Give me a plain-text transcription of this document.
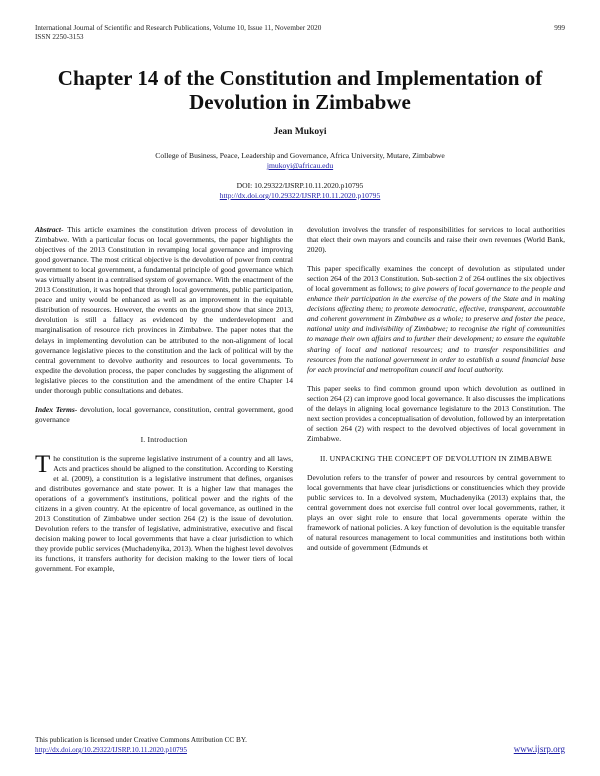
International Journal of Scientific and Research Publications, Volume 10, Issue 11, November 2020
ISSN 2250-3153
999
Chapter 14 of the Constitution and Implementation of Devolution in Zimbabwe
Jean Mukoyi
College of Business, Peace, Leadership and Governance, Africa University, Mutare, Zimbabwe
jmukoyi@africau.edu
DOI: 10.29322/IJSRP.10.11.2020.p10795
http://dx.doi.org/10.29322/IJSRP.10.11.2020.p10795

Abstract- This article examines the constitution driven process of devolution in Zimbabwe. With a particular focus on local governments, the paper highlights the objectives of the 2013 Constitution in revamping local governance and improving good governance. The most critical objective is the devolution of power from central government to local government, a fundamental principle of good governance which was virtually absent in a centralised system of governance. With the enactment of the 2013 Constitution, it was hoped that through local governments, public participation, peace and unity would be enhanced as well as an improvement in the equitable distribution of resources. However, the events on the ground show that since 2013, devolution is still a fallacy as evidenced by the underdevelopment and marginalisation of resource rich provinces in Zimbabwe. The paper notes that the delays in implementing devolution can be attributed to the non-alignment of local governance legislative pieces to the constitution and the lack of political will by the central government to devolve authority and resources to local governments. To expedite the devolution process, the paper concludes by suggesting the alignment of legislative pieces to the constitution and the amendment of the entire Chapter 14 under thorough public consultations and debates.

Index Terms- devolution, local governance, constitution, central government, good governance

I. Introduction

The constitution is the supreme legislative instrument of a country and all laws, Acts and practices should be aligned to the constitution. According to Kersting et al. (2009), a constitution is a legislative instrument that defines, organises and distributes governance and state power. It is a higher law that manages the operations of a government's institutions, political power and the rights of the citizens in a given country. At the epicentre of local governance, as outlined in the 2013 Constitution of Zimbabwe under section 264 (2) is the issue of devolution. Devolution refers to the transfer of legislative, administrative, executive and fiscal decision making power to local governments that have a clear jurisdiction to which they provide public services (Muchadenyika, 2013). When the highest level devolves its functions, it transfers authority for decision making to the lower tiers of local government. For example,

devolution involves the transfer of responsibilities for services to local authorities that elect their own mayors and councils and raise their own revenues (World Bank, 2020).

This paper specifically examines the concept of devolution as stipulated under section 264 of the 2013 Constitution. Sub-section 2 of 264 outlines the six objectives of local government as follows; to give powers of local governance to the people and enhance their participation in the exercise of the powers of the State and in making decisions affecting them; to promote democratic, effective, transparent, accountable and coherent government in Zimbabwe as a whole; to preserve and foster the peace, national unity and indivisibility of Zimbabwe; to recognise the right of communities to manage their own affairs and to further their development; to ensure the equitable sharing of local and national resources; and to transfer responsibilities and resources from the national government in order to establish a sound financial base for each provincial and metropolitan council and local authority.

This paper seeks to find common ground upon which devolution as outlined in section 264 (2) can improve good local governance. It also discusses the implications of the delays in aligning local governance legislature to the 2013 Constitution. The next section provides a conceptualisation of devolution, followed by an interpretation of section 264 (2) with respect to the devolved objectives of local government in Zimbabwe.

II. UNPACKING THE CONCEPT OF DEVOLUTION IN ZIMBABWE

Devolution refers to the transfer of power and resources by central government to local governments that have clear jurisdictions or constituencies which they provide public services to. In a devolved system, Muchadenyika (2013) explains that, the central government does not exercise full control over local governments, rather, it plays an over sight role to ensure that local governments operate within the framework of national policies. A key function of devolution is the equitable transfer of natural resources management to local communities and institutions both within and outside of government (Edmunds et

This publication is licensed under Creative Commons Attribution CC BY.
http://dx.doi.org/10.29322/IJSRP.10.11.2020.p10795	www.ijsrp.org
